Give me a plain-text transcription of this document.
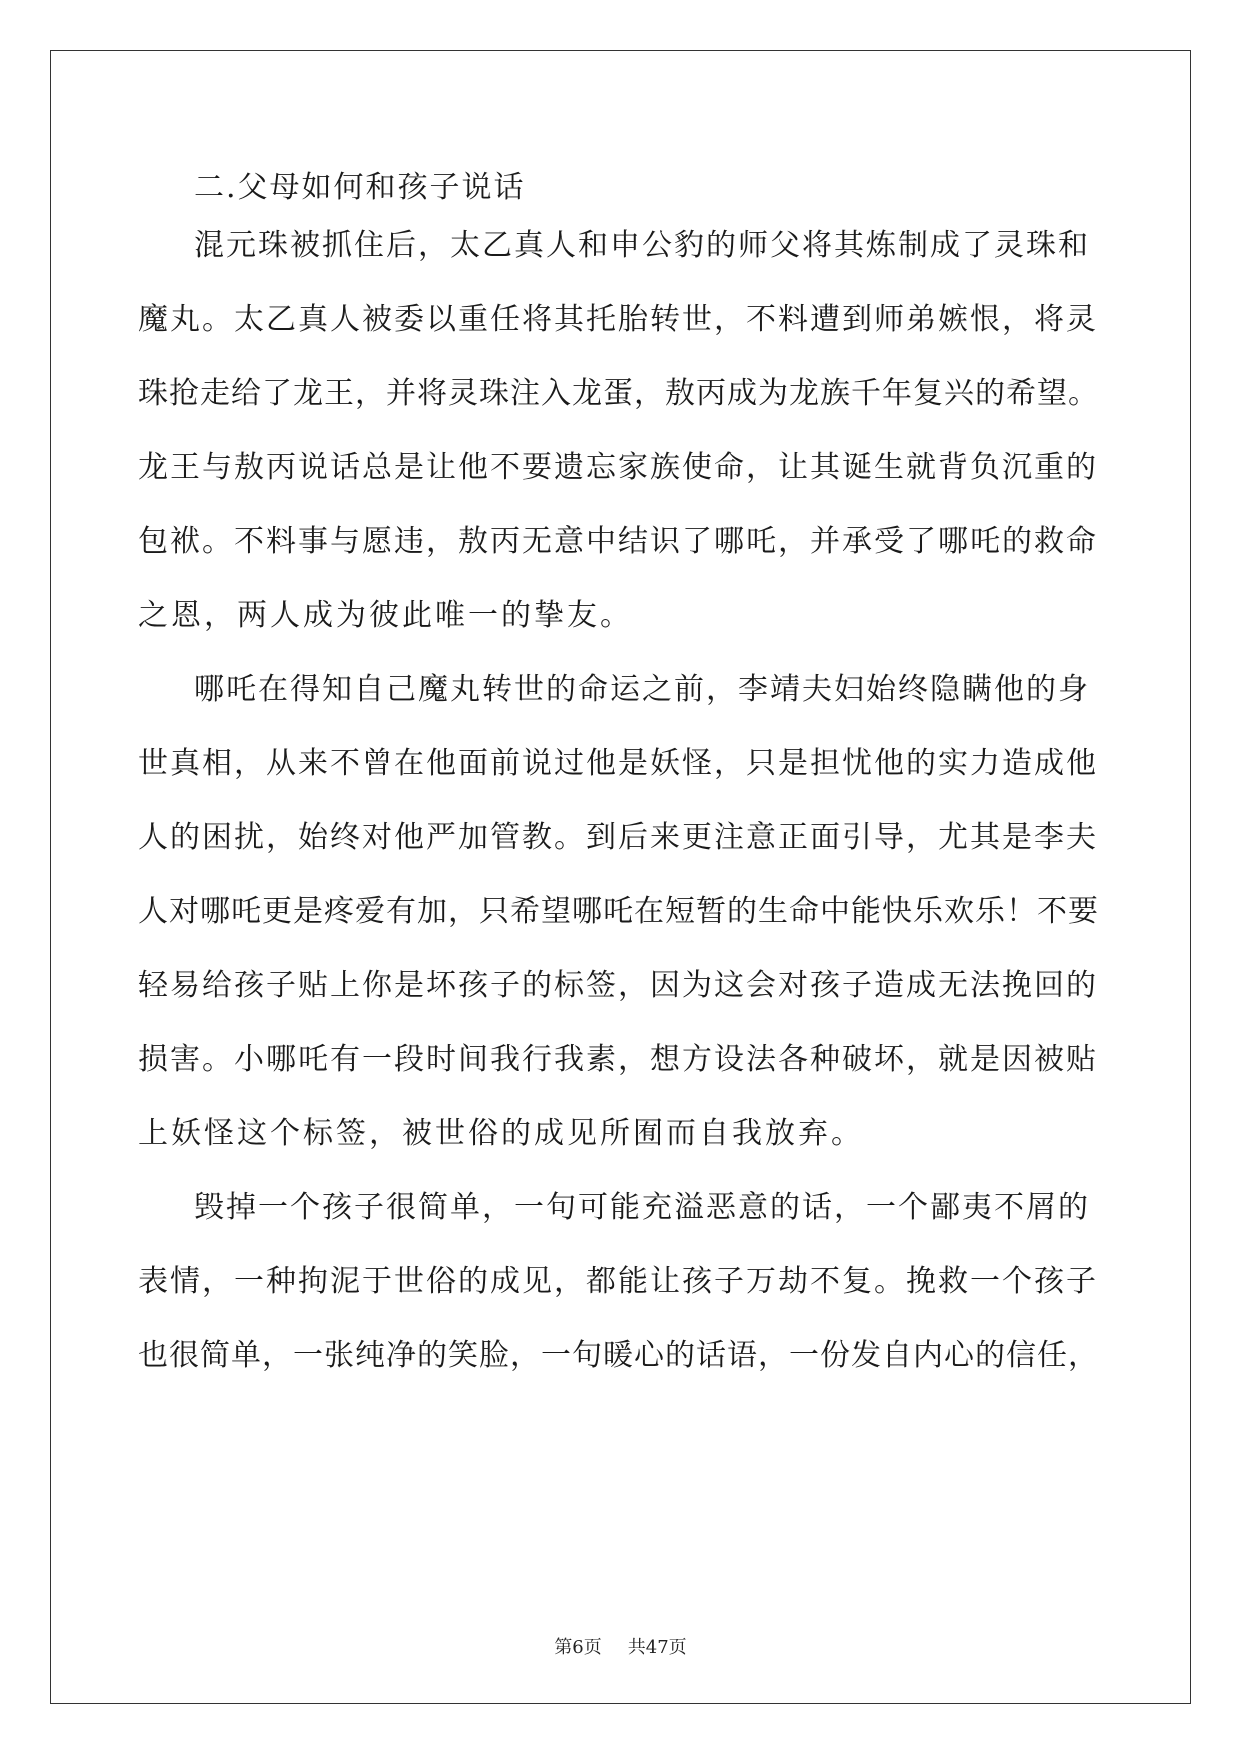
二.父母如何和孩子说话
混元珠被抓住后，太乙真人和申公豹的师父将其炼制成了灵珠和
魔丸。太乙真人被委以重任将其托胎转世，不料遭到师弟嫉恨，将灵
珠抢走给了龙王，并将灵珠注入龙蛋，敖丙成为龙族千年复兴的希望。
龙王与敖丙说话总是让他不要遗忘家族使命，让其诞生就背负沉重的
包袱。不料事与愿违，敖丙无意中结识了哪吒，并承受了哪吒的救命
之恩，两人成为彼此唯一的挚友。
哪吒在得知自己魔丸转世的命运之前，李靖夫妇始终隐瞒他的身
世真相，从来不曾在他面前说过他是妖怪，只是担忧他的实力造成他
人的困扰，始终对他严加管教。到后来更注意正面引导，尤其是李夫
人对哪吒更是疼爱有加，只希望哪吒在短暂的生命中能快乐欢乐！不要
轻易给孩子贴上你是坏孩子的标签，因为这会对孩子造成无法挽回的
损害。小哪吒有一段时间我行我素，想方设法各种破坏，就是因被贴
上妖怪这个标签，被世俗的成见所囿而自我放弃。
毁掉一个孩子很简单，一句可能充溢恶意的话，一个鄙夷不屑的
表情，一种拘泥于世俗的成见，都能让孩子万劫不复。挽救一个孩子
也很简单，一张纯净的笑脸，一句暖心的话语，一份发自内心的信任，
第6页 共47页
